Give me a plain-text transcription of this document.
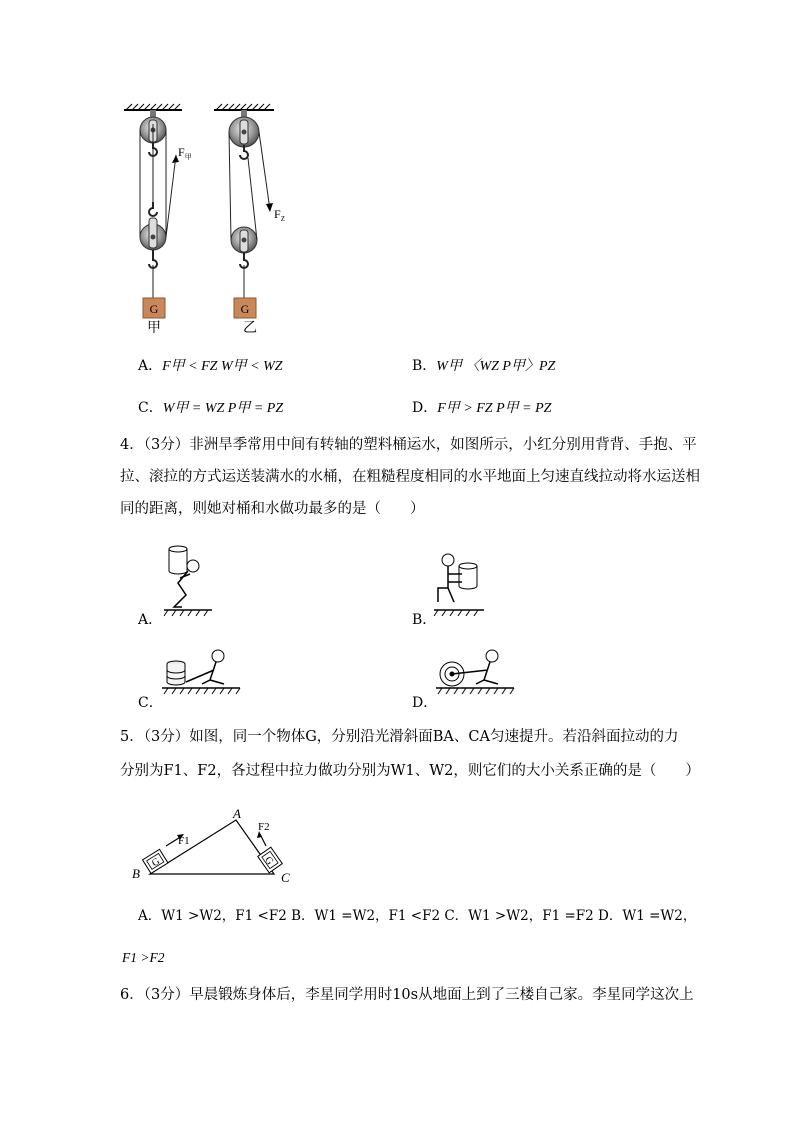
$F_甲$
G
$F_Z$
G
甲	乙
A．F甲 < FZ W甲 < WZ	B．W甲 〈WZ P甲〉PZ
C．W甲 = WZ P甲 = PZ	D．F甲 > FZ P甲 = PZ
4．（3分）非洲旱季常用中间有转轴的塑料桶运水，如图所示，小红分别用背背、手抱、平
拉、滚拉的方式运送装满水的水桶，在粗糙程度相同的水平地面上匀速直线拉动将水运送相
同的距离，则她对桶和水做功最多的是（　　）
A．	B．
C．	D．
5．（3分）如图，同一个物体G，分别沿光滑斜面BA、CA匀速提升。若沿斜面拉动的力
分别为F1、F2，各过程中拉力做功分别为W1、W2，则它们的大小关系正确的是（　　）
A
B	C
G
F1
G
F2
A．W1 >W2，F1 <F2 B．W1 =W2，F1 <F2 C．W1 >W2，F1 =F2 D．W1 =W2，
F1 >F2
6．（3分）早晨锻炼身体后，李星同学用时10s从地面上到了三楼自己家。李星同学这次上
